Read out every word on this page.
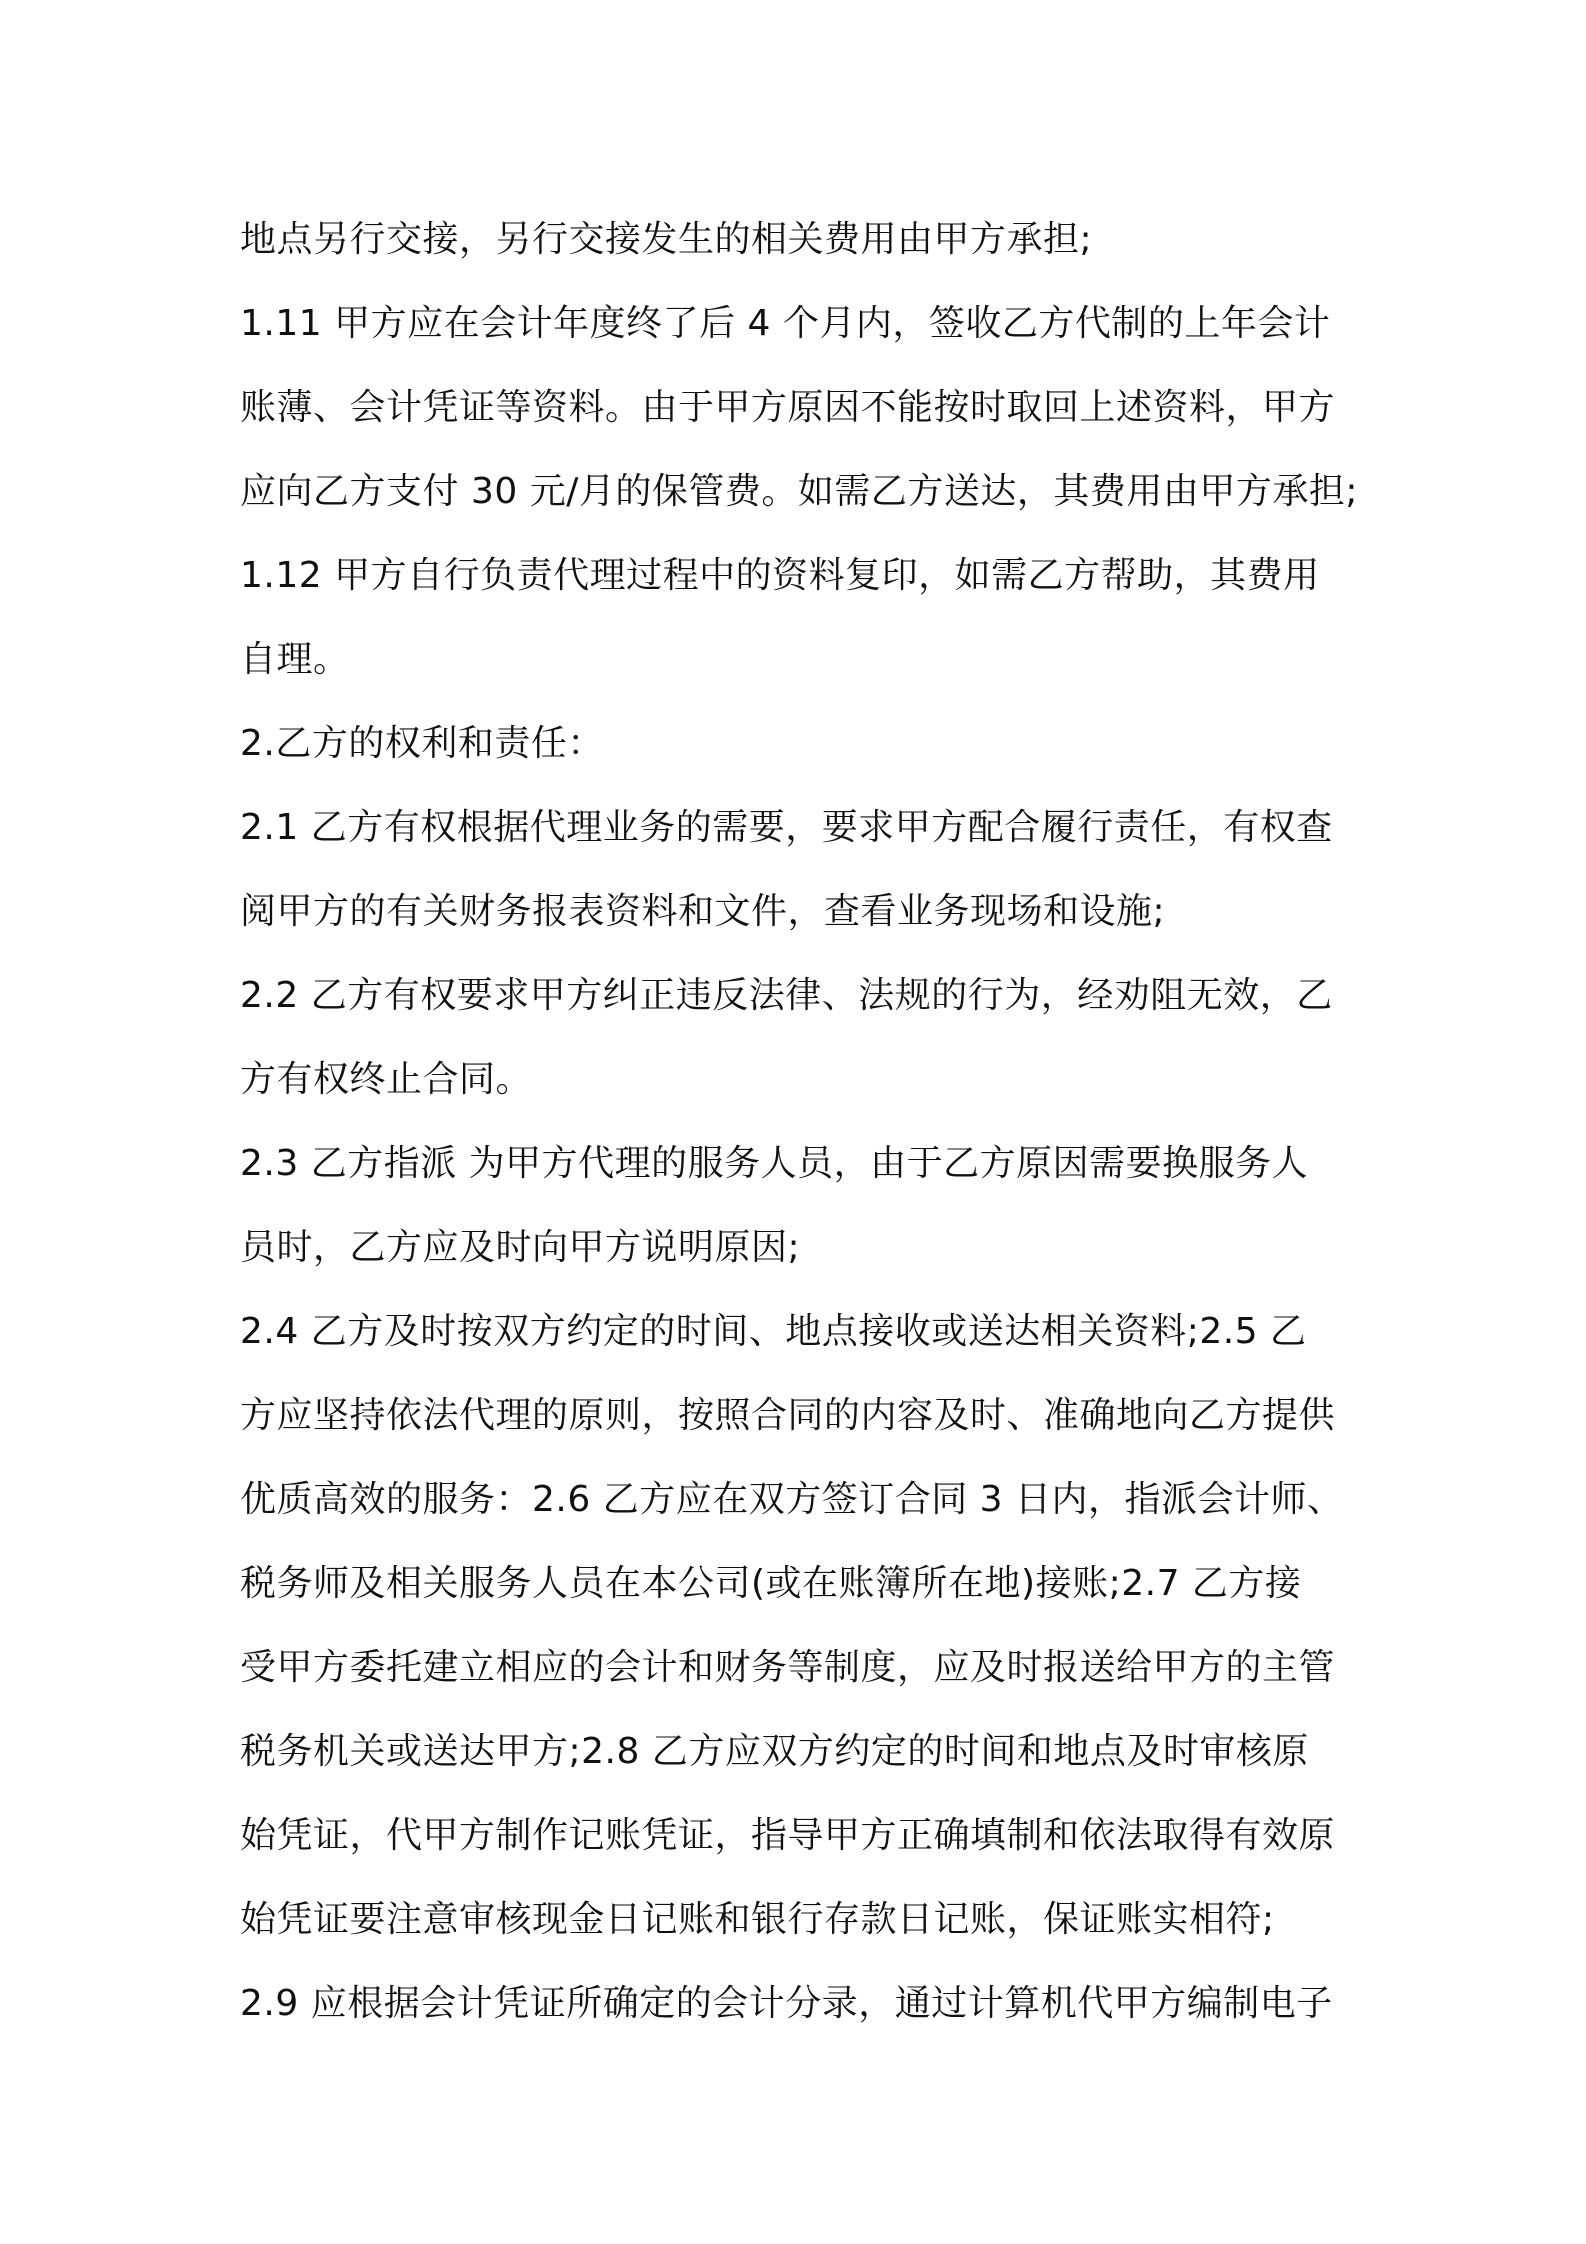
地点另行交接，另行交接发生的相关费用由甲方承担;
1.11 甲方应在会计年度终了后 4 个月内，签收乙方代制的上年会计
账薄、会计凭证等资料。由于甲方原因不能按时取回上述资料，甲方
应向乙方支付 30 元/月的保管费。如需乙方送达，其费用由甲方承担;
1.12 甲方自行负责代理过程中的资料复印，如需乙方帮助，其费用
自理。
2.乙方的权利和责任：
2.1 乙方有权根据代理业务的需要，要求甲方配合履行责任，有权查
阅甲方的有关财务报表资料和文件，查看业务现场和设施;
2.2 乙方有权要求甲方纠正违反法律、法规的行为，经劝阻无效，乙
方有权终止合同。
2.3 乙方指派 为甲方代理的服务人员，由于乙方原因需要换服务人
员时，乙方应及时向甲方说明原因;
2.4 乙方及时按双方约定的时间、地点接收或送达相关资料;2.5 乙
方应坚持依法代理的原则，按照合同的内容及时、准确地向乙方提供
优质高效的服务：2.6 乙方应在双方签订合同 3 日内，指派会计师、
税务师及相关服务人员在本公司(或在账簿所在地)接账;2.7 乙方接
受甲方委托建立相应的会计和财务等制度，应及时报送给甲方的主管
税务机关或送达甲方;2.8 乙方应双方约定的时间和地点及时审核原
始凭证，代甲方制作记账凭证，指导甲方正确填制和依法取得有效原
始凭证要注意审核现金日记账和银行存款日记账，保证账实相符;
2.9 应根据会计凭证所确定的会计分录，通过计算机代甲方编制电子
